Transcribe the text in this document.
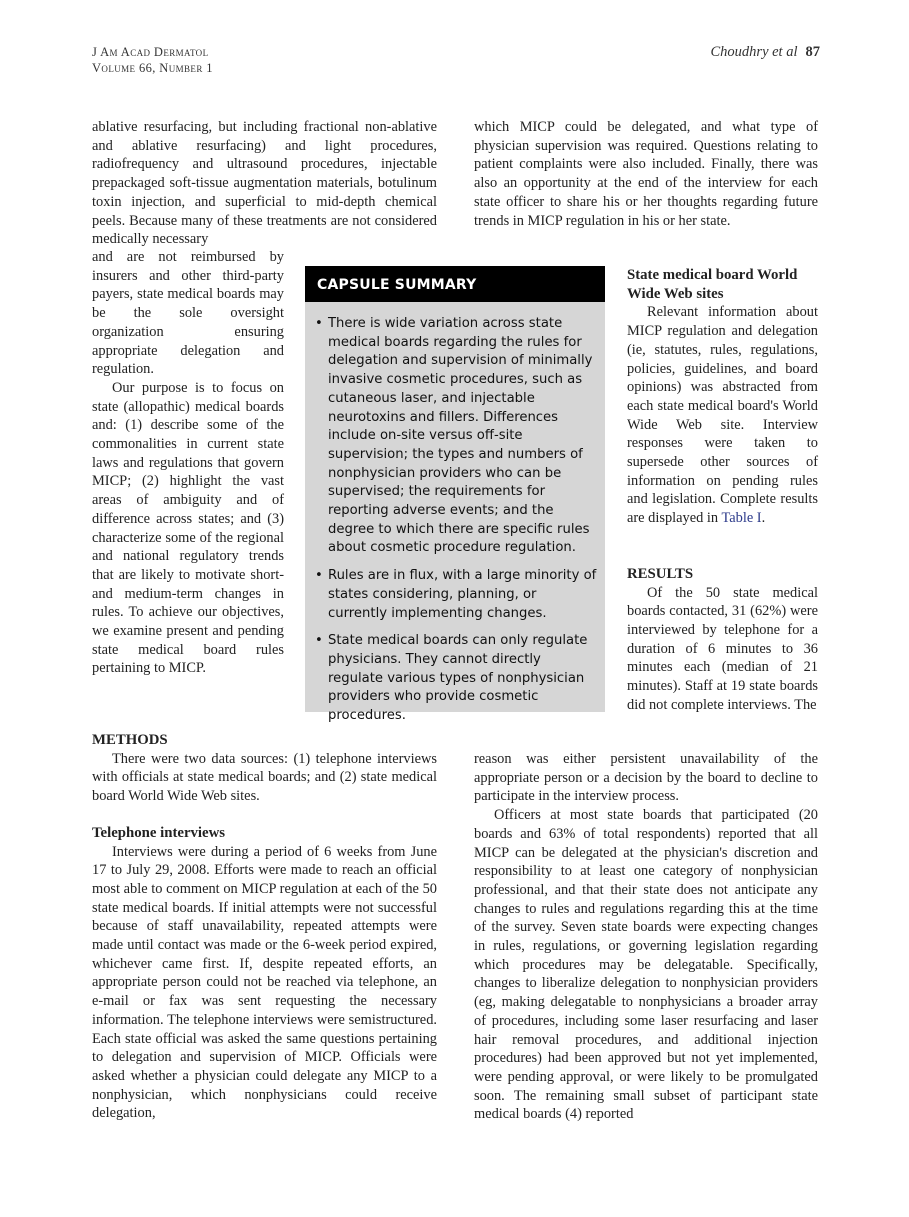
J Am Acad Dermatol
Volume 66, Number 1
Choudhry et al 87

ablative resurfacing, but including fractional non-ablative and ablative resurfacing) and light procedures, radiofrequency and ultrasound procedures, injectable prepackaged soft-tissue augmentation materials, botulinum toxin injection, and superficial to mid-depth chemical peels. Because many of these treatments are not considered medically necessary

and are not reimbursed by insurers and other third-party payers, state medical boards may be the sole oversight organization ensuring appropriate delegation and regulation.

Our purpose is to focus on state (allopathic) medical boards and: (1) describe some of the commonalities in current state laws and regulations that govern MICP; (2) highlight the vast areas of ambiguity and of difference across states; and (3) characterize some of the regional and national regulatory trends that are likely to motivate short- and medium-term changes in rules. To achieve our objectives, we examine present and pending state medical board rules pertaining to MICP.

METHODS

There were two data sources: (1) telephone interviews with officials at state medical boards; and (2) state medical board World Wide Web sites.

Telephone interviews

Interviews were during a period of 6 weeks from June 17 to July 29, 2008. Efforts were made to reach an official most able to comment on MICP regulation at each of the 50 state medical boards. If initial attempts were not successful because of staff unavailability, repeated attempts were made until contact was made or the 6-week period expired, whichever came first. If, despite repeated efforts, an appropriate person could not be reached via telephone, an e-mail or fax was sent requesting the necessary information. The telephone interviews were semistructured. Each state official was asked the same questions pertaining to delegation and supervision of MICP. Officials were asked whether a physician could delegate any MICP to a nonphysician, which nonphysicians could receive delegation,

which MICP could be delegated, and what type of physician supervision was required. Questions relating to patient complaints were also included. Finally, there was also an opportunity at the end of the interview for each state officer to share his or her thoughts regarding future trends in MICP regulation in his or her state.

State medical board World Wide Web sites

Relevant information about MICP regulation and delegation (ie, statutes, rules, regulations, policies, guidelines, and board opinions) was abstracted from each state medical board's World Wide Web site. Interview responses were taken to supersede other sources of information on pending rules and legislation. Complete results are displayed in Table I.

RESULTS

Of the 50 state medical boards contacted, 31 (62%) were interviewed by telephone for a duration of 6 minutes to 36 minutes each (median of 21 minutes). Staff at 19 state boards did not complete interviews. The

reason was either persistent unavailability of the appropriate person or a decision by the board to decline to participate in the interview process.

Officers at most state boards that participated (20 boards and 63% of total respondents) reported that all MICP can be delegated at the physician's discretion and responsibility to at least one category of nonphysician professional, and that their state does not anticipate any changes to rules and regulations regarding this at the time of the survey. Seven state boards were expecting changes in rules, regulations, or governing legislation regarding which procedures may be delegatable. Specifically, changes to liberalize delegation to nonphysician providers (eg, making delegatable to nonphysicians a broader array of procedures, including some laser resurfacing and laser hair removal procedures, and additional injection procedures) had been approved but not yet implemented, were pending approval, or were likely to be promulgated soon. The remaining small subset of participant state medical boards (4) reported

CAPSULE SUMMARY
• There is wide variation across state medical boards regarding the rules for delegation and supervision of minimally invasive cosmetic procedures, such as cutaneous laser, and injectable neurotoxins and fillers. Differences include on-site versus off-site supervision; the types and numbers of nonphysician providers who can be supervised; the requirements for reporting adverse events; and the degree to which there are specific rules about cosmetic procedure regulation.
• Rules are in flux, with a large minority of states considering, planning, or currently implementing changes.
• State medical boards can only regulate physicians. They cannot directly regulate various types of nonphysician providers who provide cosmetic procedures.
